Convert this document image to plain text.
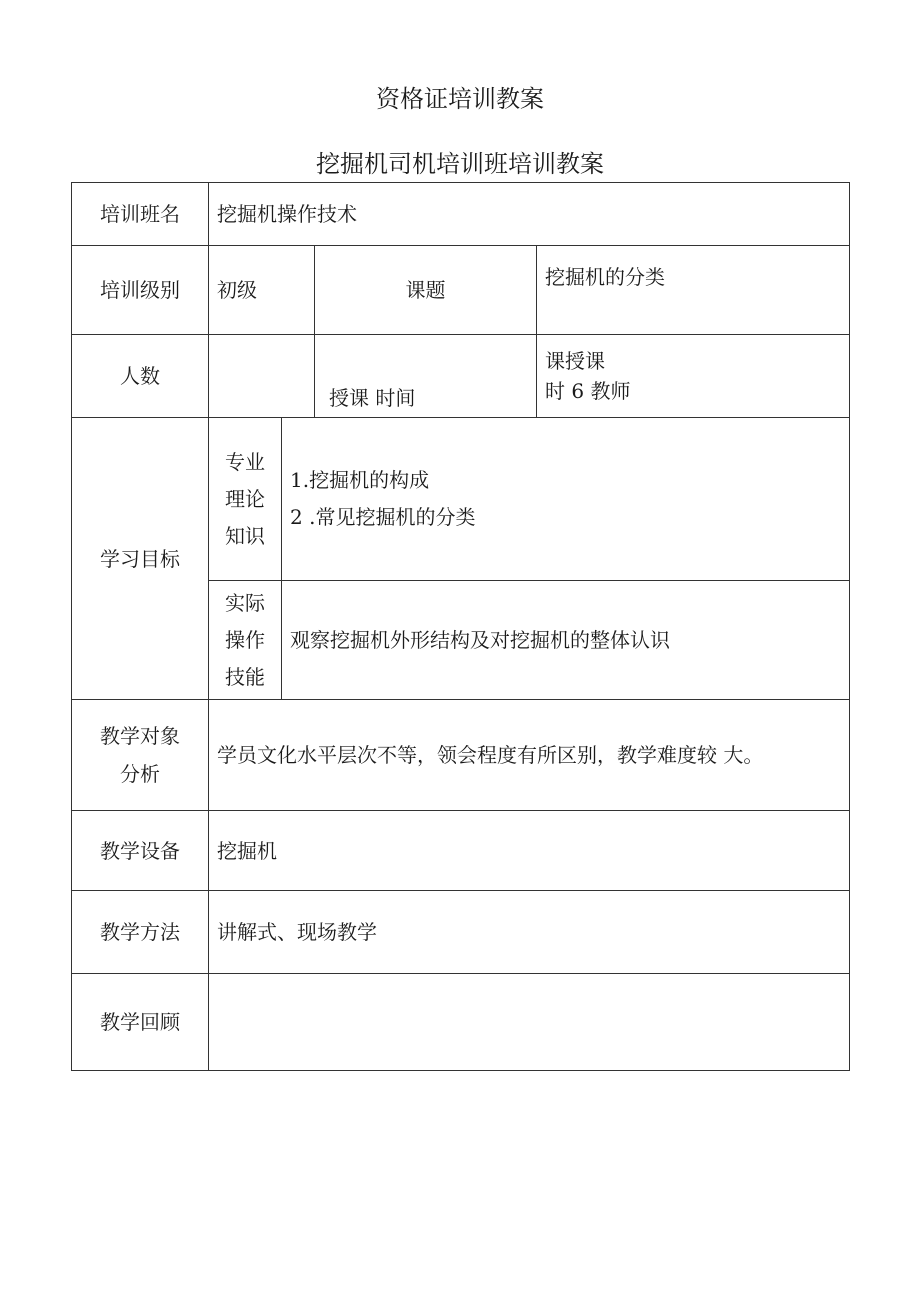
资格证培训教案
挖掘机司机培训班培训教案
培训班名	挖掘机操作技术			
培训级别	初级		课题	挖掘机的分类
人数			授课 时间	课授课
时 6 教师

学习目标	专业理论知识	1.挖掘机的构成
2 .常见挖掘机的分类		

	实际操作技能	观察挖掘机外形结构及对挖掘机的整体认识		

教学对象分析	学员文化水平层次不等，领会程度有所区别，教学难度较 大。			
教学设备	挖掘机			
教学方法	讲解式、现场教学			
教学回顾				
